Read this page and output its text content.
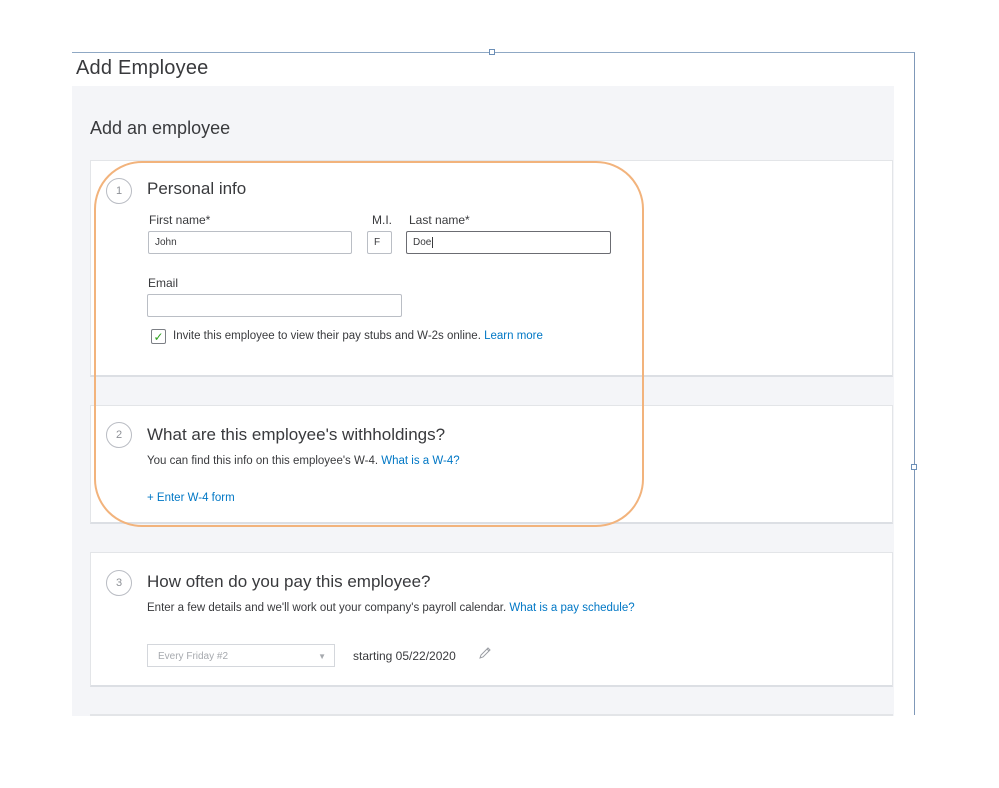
Add Employee
Add an employee
1	Personal info
First name*
John
M.I.
F
Last name*
Doe
Email
✓ Invite this employee to view their pay stubs and W-2s online. Learn more
2	What are this employee's withholdings?
You can find this info on this employee's W-4. What is a W-4?
+ Enter W-4 form
3	How often do you pay this employee?
Enter a few details and we'll work out your company's payroll calendar. What is a pay schedule?
Every Friday #2	▼ starting 05/22/2020
